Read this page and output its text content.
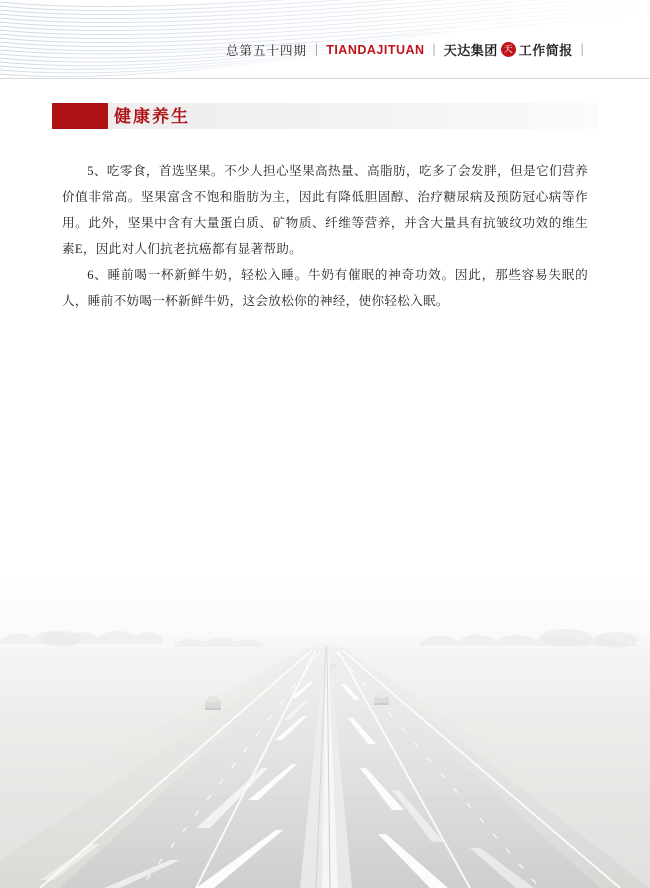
总第五十四期 | TIANDAJITUAN | 天达集团 天 工作简报 |
健康养生

5、吃零食，首选坚果。不少人担心坚果高热量、高脂肪，吃多了会发胖，但是它们营养价值非常高。坚果富含不饱和脂肪为主，因此有降低胆固醇、治疗糖尿病及预防冠心病等作用。此外，坚果中含有大量蛋白质、矿物质、纤维等营养，并含大量具有抗皱纹功效的维生素E，因此对人们抗老抗癌都有显著帮助。

6、睡前喝一杯新鲜牛奶，轻松入睡。牛奶有催眠的神奇功效。因此，那些容易失眠的人，睡前不妨喝一杯新鲜牛奶，这会放松你的神经，使你轻松入眠。
